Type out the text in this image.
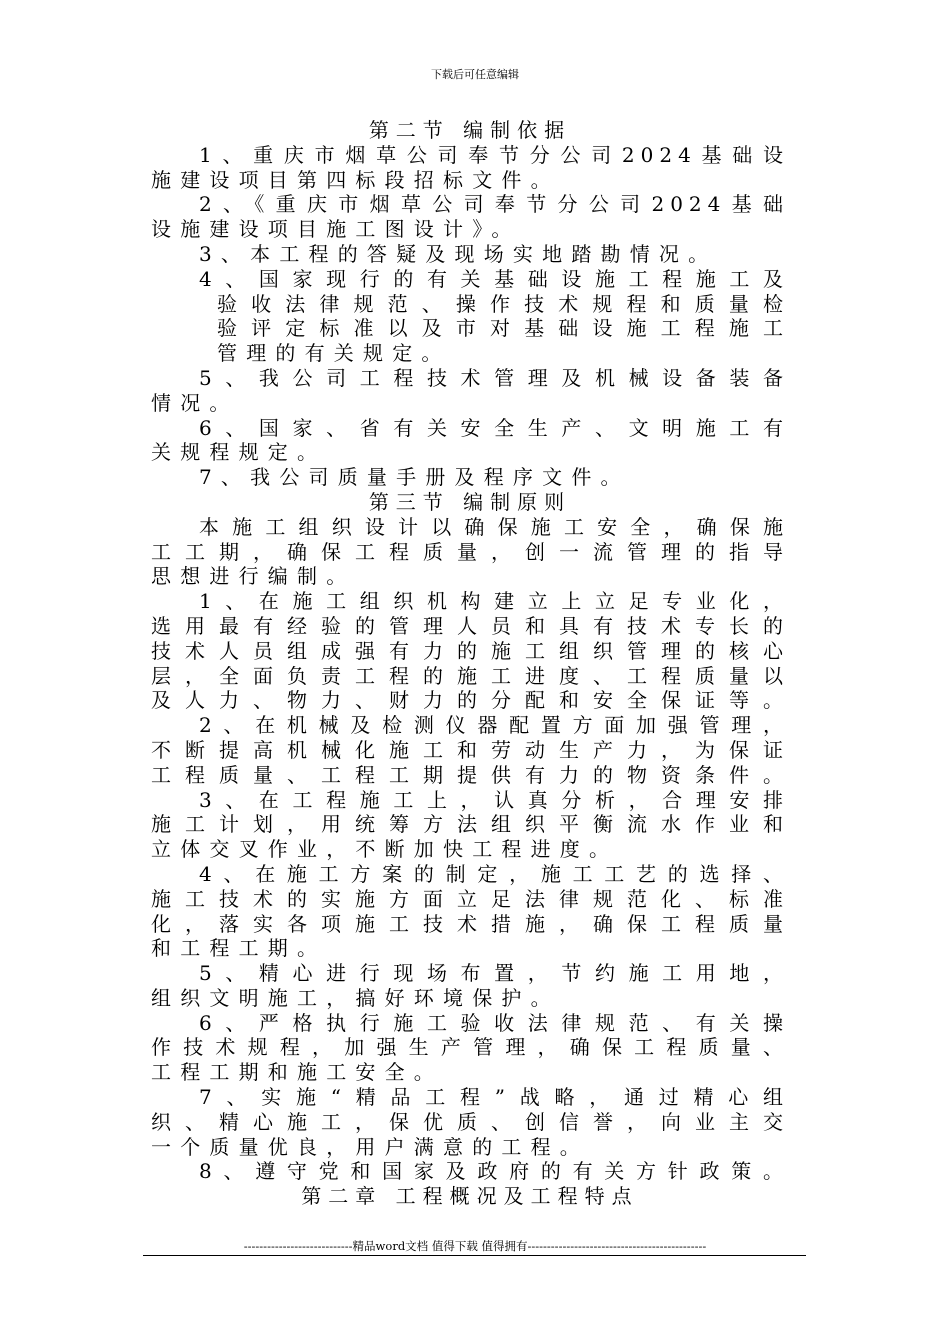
下载后可任意编辑
第二节 编制依据
1、重庆市烟草公司奉节分公司2024基础设
施建设项目第四标段招标文件。
2、《重庆市烟草公司奉节分公司2024基础
设施建设项目施工图设计》。
3、本工程的答疑及现场实地踏勘情况。
4、国家现行的有关基础设施工程施工及
验收法律规范、操作技术规程和质量检
验评定标准以及市对基础设施工程施工
管理的有关规定。
5、我公司工程技术管理及机械设备装备
情况。
6、国家、省有关安全生产、文明施工有
关规程规定。
7、我公司质量手册及程序文件。
第三节 编制原则
本施工组织设计以确保施工安全，确保施
工工期，确保工程质量，创一流管理的指导
思想进行编制。
1、在施工组织机构建立上立足专业化，
选用最有经验的管理人员和具有技术专长的
技术人员组成强有力的施工组织管理的核心
层，全面负责工程的施工进度、工程质量以
及人力、物力、财力的分配和安全保证等。
2、在机械及检测仪器配置方面加强管理，
不断提高机械化施工和劳动生产力，为保证
工程质量、工程工期提供有力的物资条件。
3、在工程施工上，认真分析，合理安排
施工计划，用统筹方法组织平衡流水作业和
立体交叉作业，不断加快工程进度。
4、在施工方案的制定，施工工艺的选择、
施工技术的实施方面立足法律规范化、标准
化，落实各项施工技术措施，确保工程质量
和工程工期。
5、精心进行现场布置，节约施工用地，
组织文明施工，搞好环境保护。
6、严格执行施工验收法律规范、有关操
作技术规程，加强生产管理，确保工程质量、
工程工期和施工安全。
7、实施“精品工程”战略，通过精心组
织、精心施工，保优质、创信誉，向业主交
一个质量优良，用户满意的工程。
8、遵守党和国家及政府的有关方针政策。
第二章 工程概况及工程特点
----------------------------精品word文档 值得下载 值得拥有----------------------------------------------
